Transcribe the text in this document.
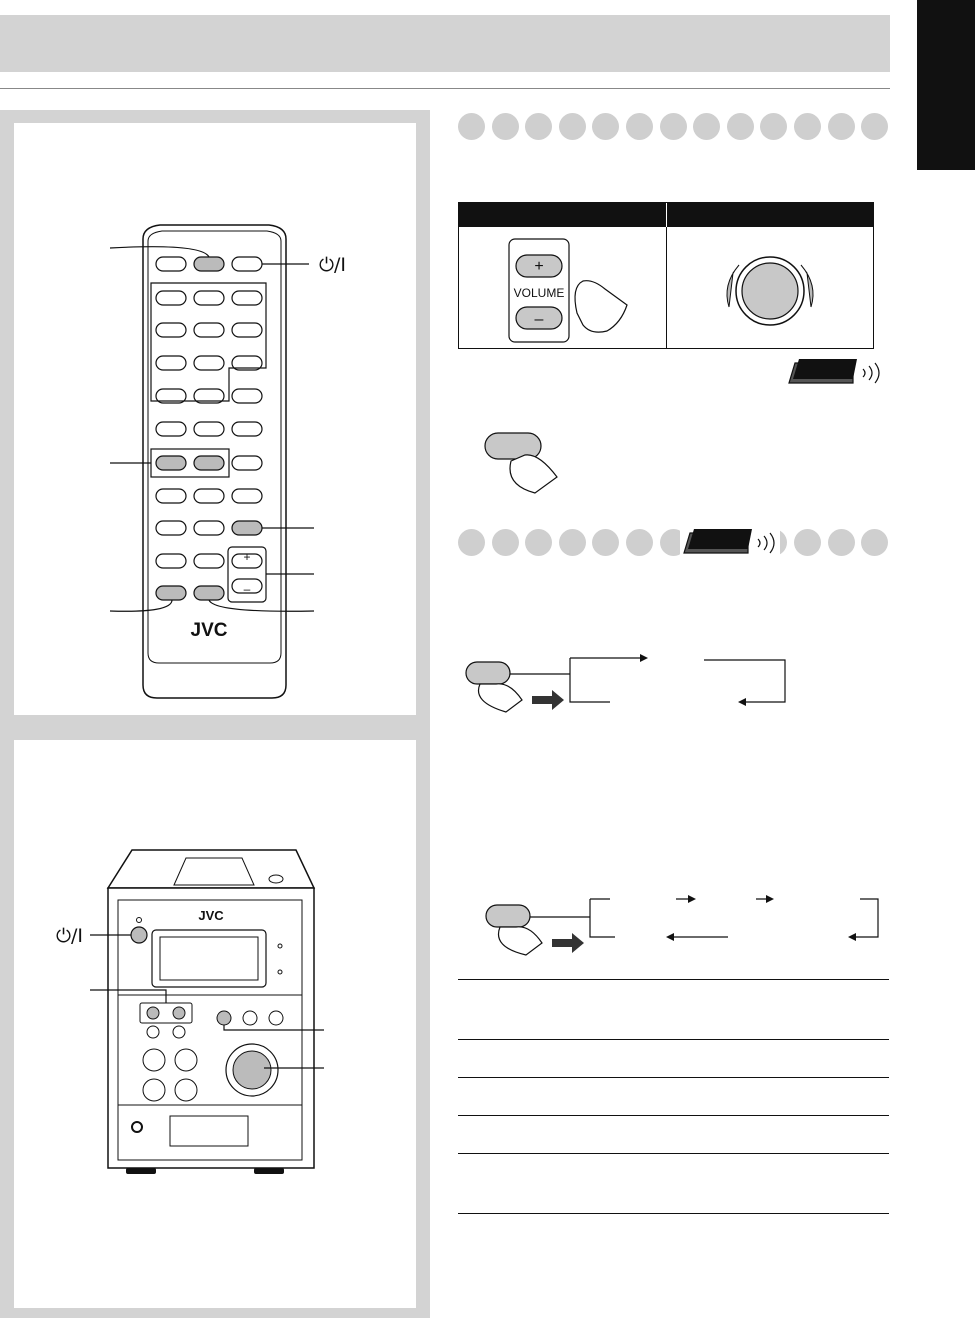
⏻/I
+
–
JVC
⏻/I
JVC
+
–
VOLUME
